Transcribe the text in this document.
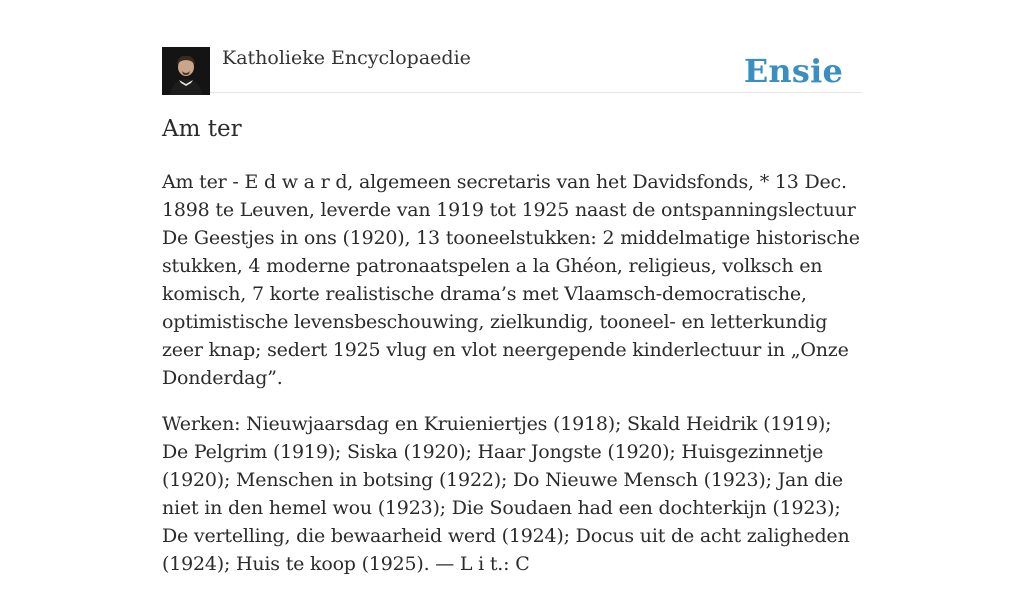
Katholieke Encyclopaedie	Ensie
Am ter

Am ter - E d w a r d, algemeen secretaris van het Davidsfonds, * 13 Dec. 1898 te Leuven, leverde van 1919 tot 1925 naast de ontspanningslectuur De Geestjes in ons (1920), 13 tooneelstukken: 2 middelmatige historische stukken, 4 moderne patronaatspelen a la Ghéon, religieus, volksch en komisch, 7 korte realistische drama’s met Vlaamsch-democratische, optimistische levensbeschouwing, zielkundig, tooneel- en letterkundig zeer knap; sedert 1925 vlug en vlot neergepende kinderlectuur in „Onze Donderdag”.

Werken: Nieuwjaarsdag en Kruieniertjes (1918); Skald Heidrik (1919); De Pelgrim (1919); Siska (1920); Haar Jongste (1920); Huisgezinnetje (1920); Menschen in botsing (1922); Do Nieuwe Mensch (1923); Jan die niet in den hemel wou (1923); Die Soudaen had een dochterkijn (1923); De vertelling, die bewaarheid werd (1924); Docus uit de acht zaligheden (1924); Huis te koop (1925). — L i t.: C
